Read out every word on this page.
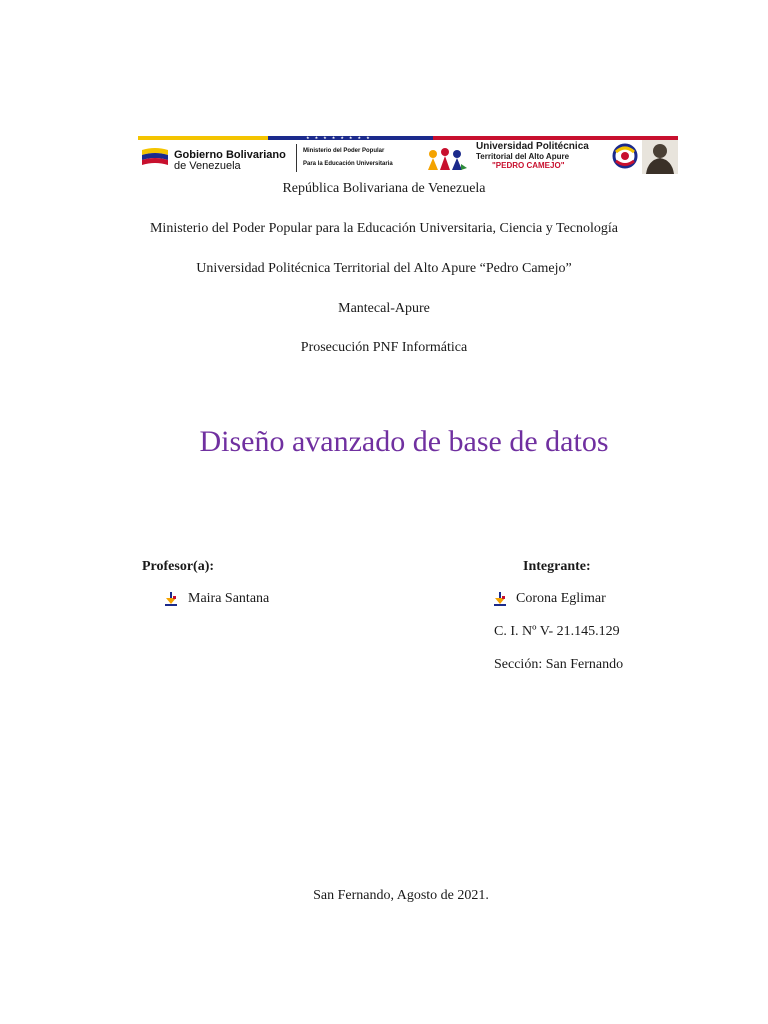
★★★★★★★★
Gobierno Bolivariano
de Venezuela
Ministerio del Poder Popular
Para la Educación Universitaria
Universidad Politécnica
Territorial del Alto Apure
"PEDRO CAMEJO"
República Bolivariana de Venezuela
Ministerio del Poder Popular para la Educación Universitaria, Ciencia y Tecnología
Universidad Politécnica Territorial del Alto Apure “Pedro Camejo”
Mantecal-Apure
Prosecución PNF Informática
Diseño avanzado de base de datos
Profesor(a):
Maira Santana
Integrante:
Corona Eglimar
C. I. Nº V- 21.145.129
Sección: San Fernando
San Fernando, Agosto de 2021.
